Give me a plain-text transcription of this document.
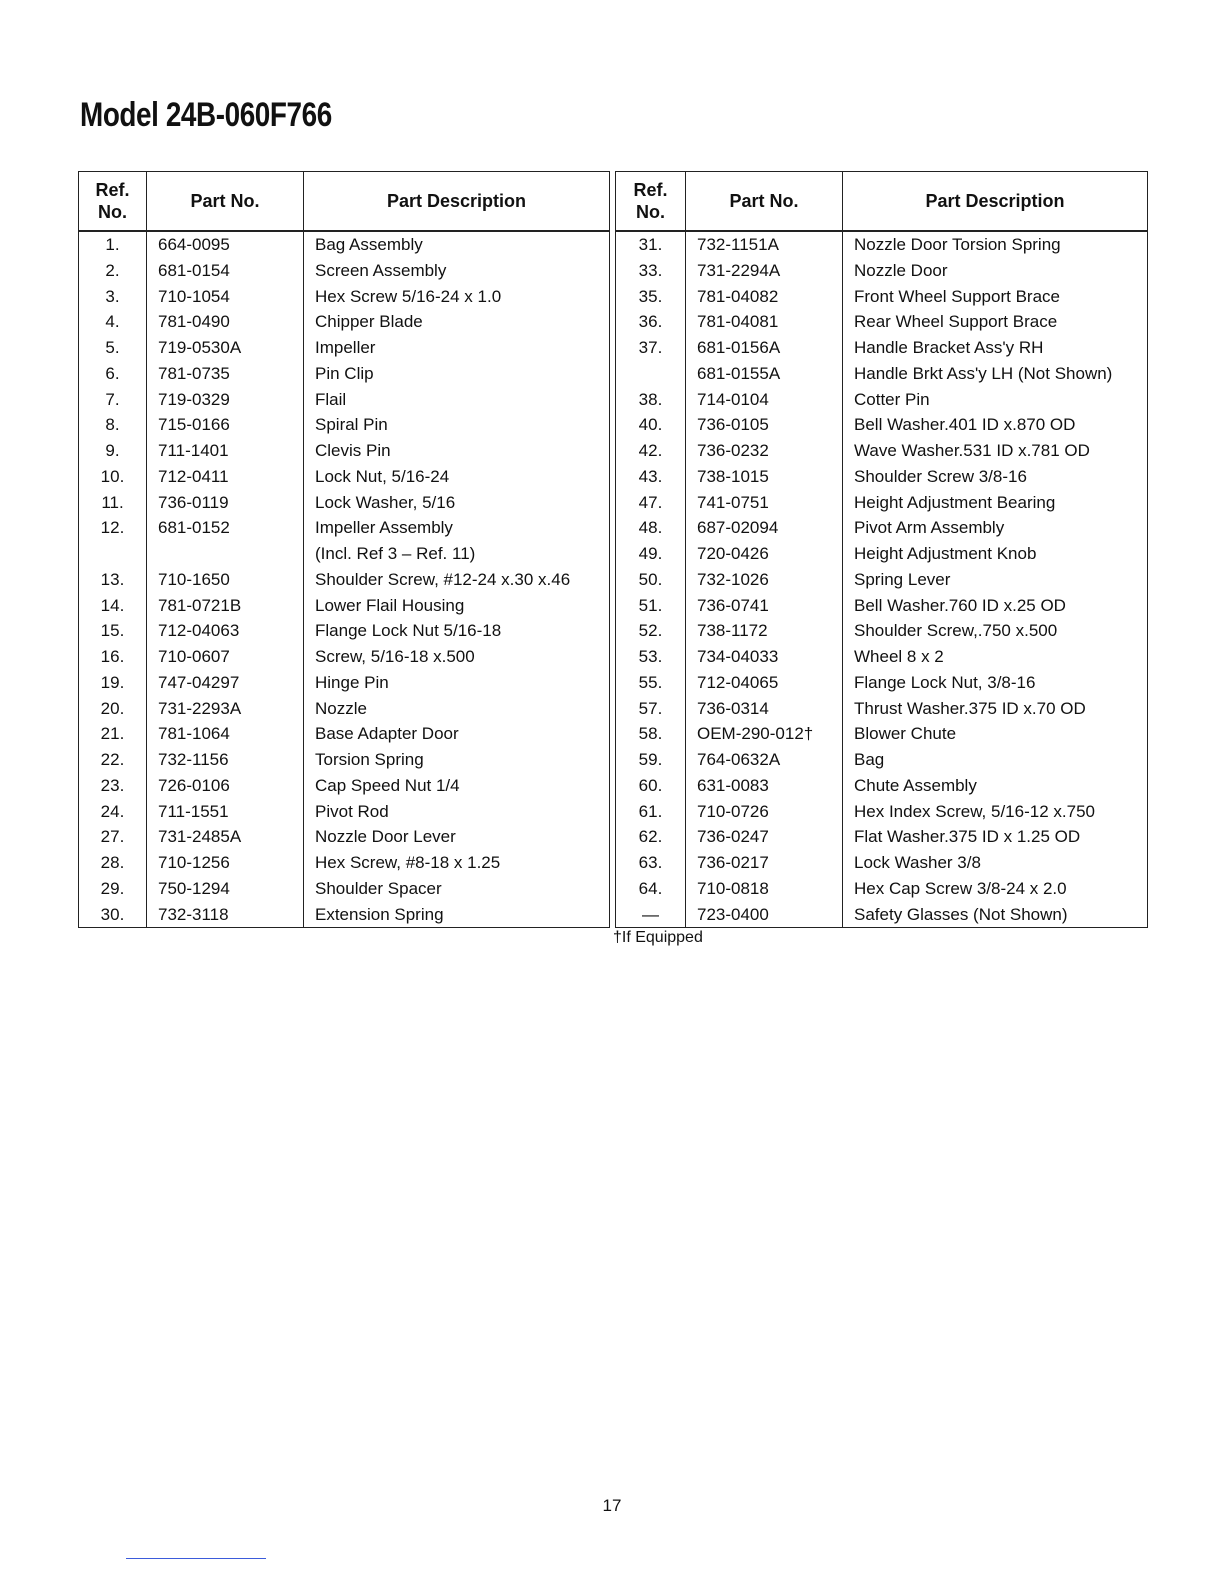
Model 24B-060F766
Ref.
No.	Part No.	Part Description
1.	664-0095	Bag Assembly
2.	681-0154	Screen Assembly
3.	710-1054	Hex Screw 5/16-24 x 1.0
4.	781-0490	Chipper Blade
5.	719-0530A	Impeller
6.	781-0735	Pin Clip
7.	719-0329	Flail
8.	715-0166	Spiral Pin
9.	711-1401	Clevis Pin
10.	712-0411	Lock Nut, 5/16-24
11.	736-0119	Lock Washer, 5/16
12.	681-0152	Impeller Assembly
		(Incl. Ref 3 – Ref. 11)
13.	710-1650	Shoulder Screw, #12-24 x.30 x.46
14.	781-0721B	Lower Flail Housing
15.	712-04063	Flange Lock Nut 5/16-18
16.	710-0607	Screw, 5/16-18 x.500
19.	747-04297	Hinge Pin
20.	731-2293A	Nozzle
21.	781-1064	Base Adapter Door
22.	732-1156	Torsion Spring
23.	726-0106	Cap Speed Nut 1/4
24.	711-1551	Pivot Rod
27.	731-2485A	Nozzle Door Lever
28.	710-1256	Hex Screw, #8-18 x 1.25
29.	750-1294	Shoulder Spacer
30.	732-3118	Extension Spring
Ref.
No.	Part No.	Part Description
31.	732-1151A	Nozzle Door Torsion Spring
33.	731-2294A	Nozzle Door
35.	781-04082	Front Wheel Support Brace
36.	781-04081	Rear Wheel Support Brace
37.	681-0156A	Handle Bracket Ass'y RH
	681-0155A	Handle Brkt Ass'y LH (Not Shown)
38.	714-0104	Cotter Pin
40.	736-0105	Bell Washer.401 ID x.870 OD
42.	736-0232	Wave Washer.531 ID x.781 OD
43.	738-1015	Shoulder Screw 3/8-16
47.	741-0751	Height Adjustment Bearing
48.	687-02094	Pivot Arm Assembly
49.	720-0426	Height Adjustment Knob
50.	732-1026	Spring Lever
51.	736-0741	Bell Washer.760 ID x.25 OD
52.	738-1172	Shoulder Screw,.750 x.500
53.	734-04033	Wheel 8 x 2
55.	712-04065	Flange Lock Nut, 3/8-16
57.	736-0314	Thrust Washer.375 ID x.70 OD
58.	OEM-290-012†	Blower Chute
59.	764-0632A	Bag
60.	631-0083	Chute Assembly
61.	710-0726	Hex Index Screw, 5/16-12 x.750
62.	736-0247	Flat Washer.375 ID x 1.25 OD
63.	736-0217	Lock Washer 3/8
64.	710-0818	Hex Cap Screw 3/8-24 x 2.0
—	723-0400	Safety Glasses (Not Shown)
†If Equipped
17
